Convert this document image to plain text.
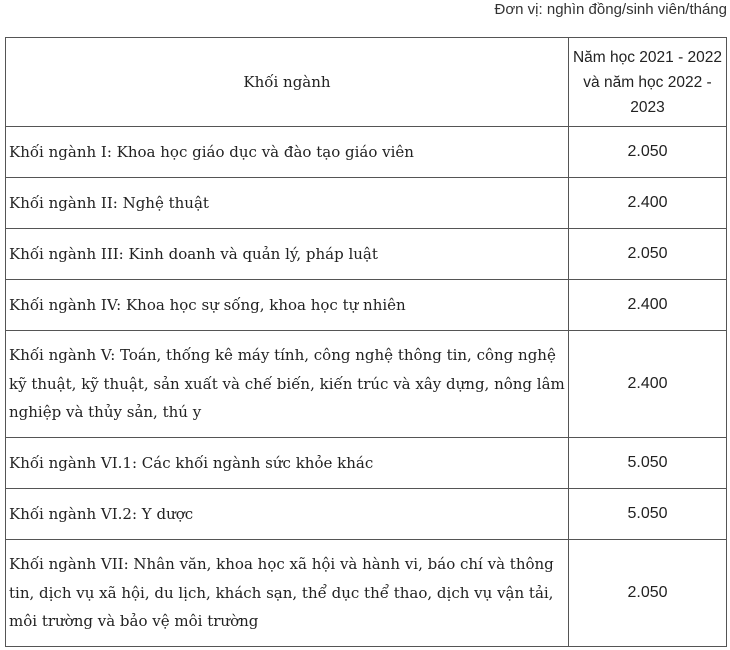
Đơn vị: nghìn đồng/sinh viên/tháng
Khối ngành	Năm học 2021 - 2022 và năm học 2022 - 2023
Khối ngành I: Khoa học giáo dục và đào tạo giáo viên	2.050
Khối ngành II: Nghệ thuật	2.400
Khối ngành III: Kinh doanh và quản lý, pháp luật	2.050
Khối ngành IV: Khoa học sự sống, khoa học tự nhiên	2.400
Khối ngành V: Toán, thống kê máy tính, công nghệ thông tin, công nghệ kỹ thuật, kỹ thuật, sản xuất và chế biến, kiến trúc và xây dựng, nông lâm nghiệp và thủy sản, thú y	2.400
Khối ngành VI.1: Các khối ngành sức khỏe khác	5.050
Khối ngành VI.2: Y dược	5.050
Khối ngành VII: Nhân văn, khoa học xã hội và hành vi, báo chí và thông tin, dịch vụ xã hội, du lịch, khách sạn, thể dục thể thao, dịch vụ vận tải, môi trường và bảo vệ môi trường	2.050
